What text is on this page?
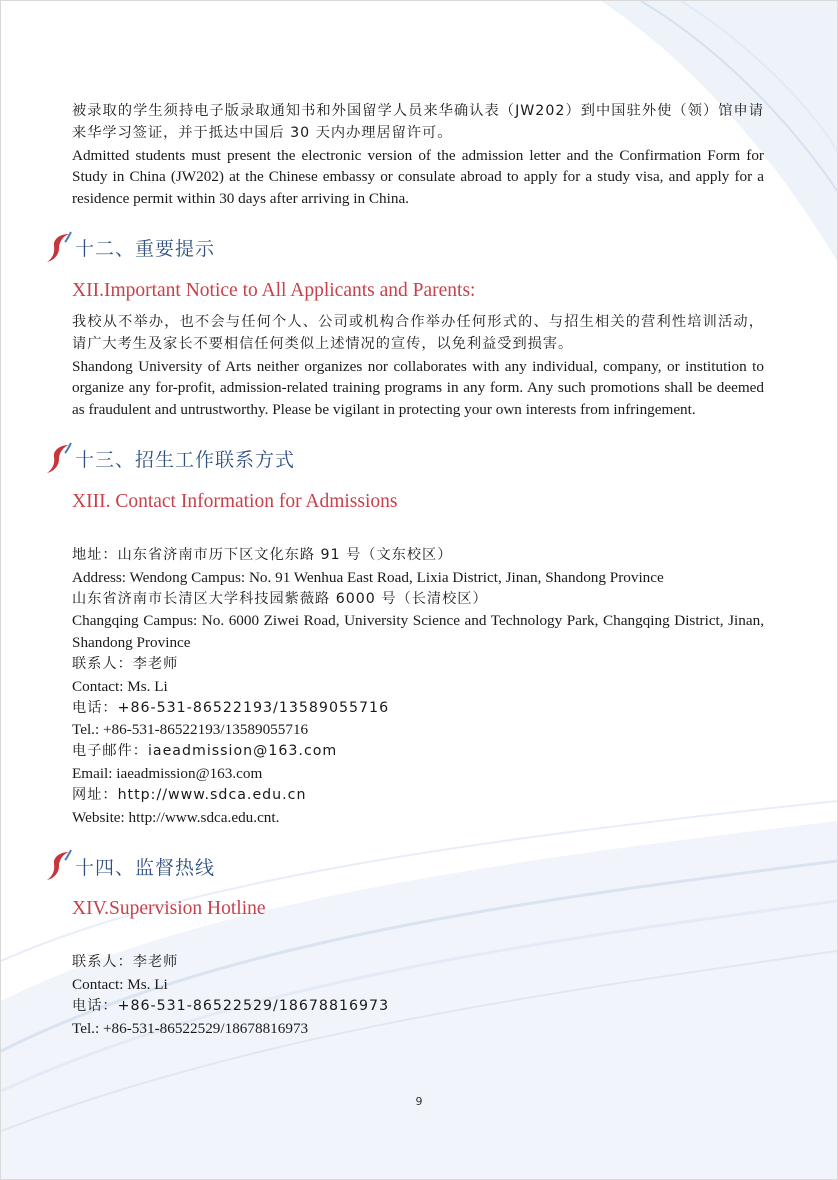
被录取的学生须持电子版录取通知书和外国留学人员来华确认表（JW202）到中国驻外使（领）馆申请来华学习签证，并于抵达中国后 30 天内办理居留许可。

Admitted students must present the electronic version of the admission letter and the Confirmation Form for Study in China (JW202) at the Chinese embassy or consulate abroad to apply for a study visa, and apply for a residence permit within 30 days after arriving in China.

十二、重要提示
XII.Important Notice to All Applicants and Parents:

我校从不举办，也不会与任何个人、公司或机构合作举办任何形式的、与招生相关的营利性培训活动，请广大考生及家长不要相信任何类似上述情况的宣传，以免利益受到损害。

Shandong University of Arts neither organizes nor collaborates with any individual, company, or institution to organize any for-profit, admission-related training programs in any form. Any such promotions shall be deemed as fraudulent and untrustworthy. Please be vigilant in protecting your own interests from infringement.

十三、招生工作联系方式
XIII. Contact Information for Admissions

地址：山东省济南市历下区文化东路 91 号（文东校区）

Address: Wendong Campus: No. 91 Wenhua East Road, Lixia District, Jinan, Shandong Province

山东省济南市长清区大学科技园紫薇路 6000 号（长清校区）

Changqing Campus: No. 6000 Ziwei Road, University Science and Technology Park, Changqing District, Jinan, Shandong Province

联系人：李老师

Contact: Ms. Li

电话：+86-531-86522193/13589055716

Tel.: +86-531-86522193/13589055716

电子邮件：iaeadmission@163.com

Email: iaeadmission@163.com

网址：http://www.sdca.edu.cn

Website: http://www.sdca.edu.cnt.

十四、监督热线
XIV.Supervision Hotline

联系人：李老师

Contact: Ms. Li

电话：+86-531-86522529/18678816973

Tel.: +86-531-86522529/18678816973

9
